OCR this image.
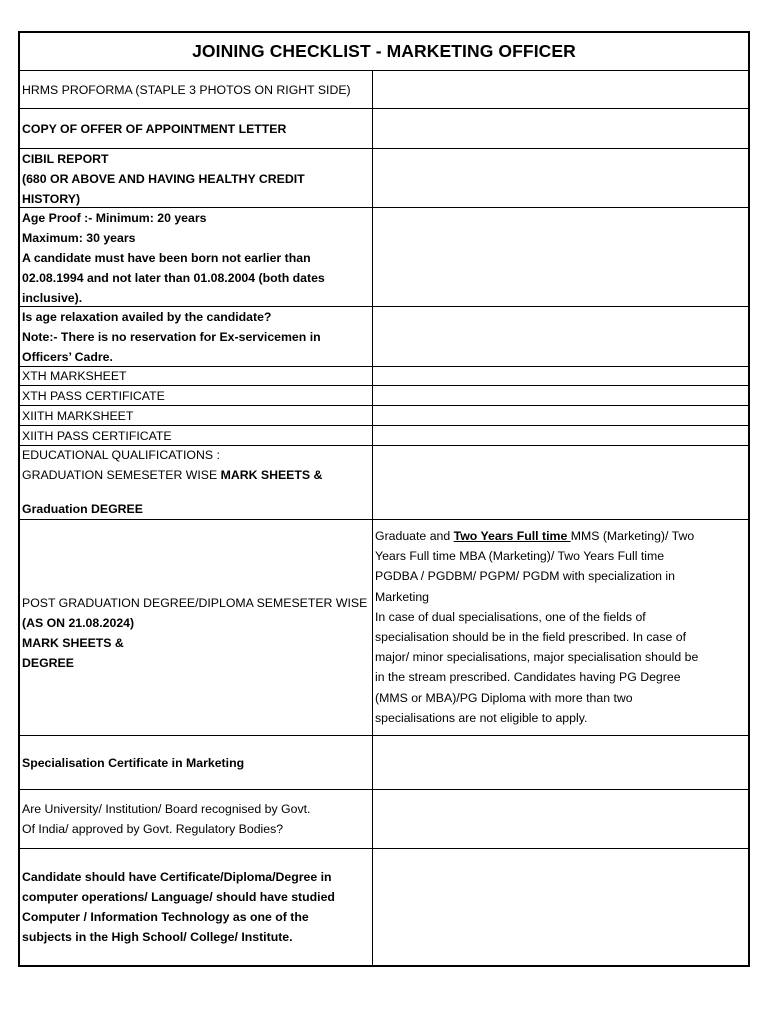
JOINING CHECKLIST - MARKETING OFFICER
HRMS PROFORMA (STAPLE 3 PHOTOS ON RIGHT SIDE)
COPY OF OFFER OF APPOINTMENT LETTER
CIBIL REPORT
(680 OR ABOVE AND HAVING HEALTHY CREDIT
HISTORY)
Age Proof :- Minimum: 20 years
Maximum: 30 years
A candidate must have been born not earlier than
02.08.1994 and not later than 01.08.2004 (both dates
inclusive).
Is age relaxation availed by the candidate?
Note:- There is no reservation for Ex-servicemen in
Officers’ Cadre.
XTH MARKSHEET
XTH PASS CERTIFICATE
XIITH MARKSHEET
XIITH PASS CERTIFICATE
EDUCATIONAL QUALIFICATIONS :
GRADUATION SEMESETER WISE MARK SHEETS &
Graduation DEGREE
POST GRADUATION DEGREE/DIPLOMA SEMESETER WISE
(AS ON 21.08.2024)
MARK SHEETS &
DEGREE
Graduate and Two Years Full time MMS (Marketing)/ Two
Years Full time MBA (Marketing)/ Two Years Full time
PGDBA / PGDBM/ PGPM/ PGDM with specialization in
Marketing
In case of dual specialisations, one of the fields of
specialisation should be in the field prescribed. In case of
major/ minor specialisations, major specialisation should be
in the stream prescribed. Candidates having PG Degree
(MMS or MBA)/PG Diploma with more than two
specialisations are not eligible to apply.
Specialisation Certificate in Marketing
Are University/ Institution/ Board recognised by Govt.
Of India/ approved by Govt. Regulatory Bodies?
Candidate should have Certificate/Diploma/Degree in
computer operations/ Language/ should have studied
Computer / Information Technology as one of the
subjects in the High School/ College/ Institute.
